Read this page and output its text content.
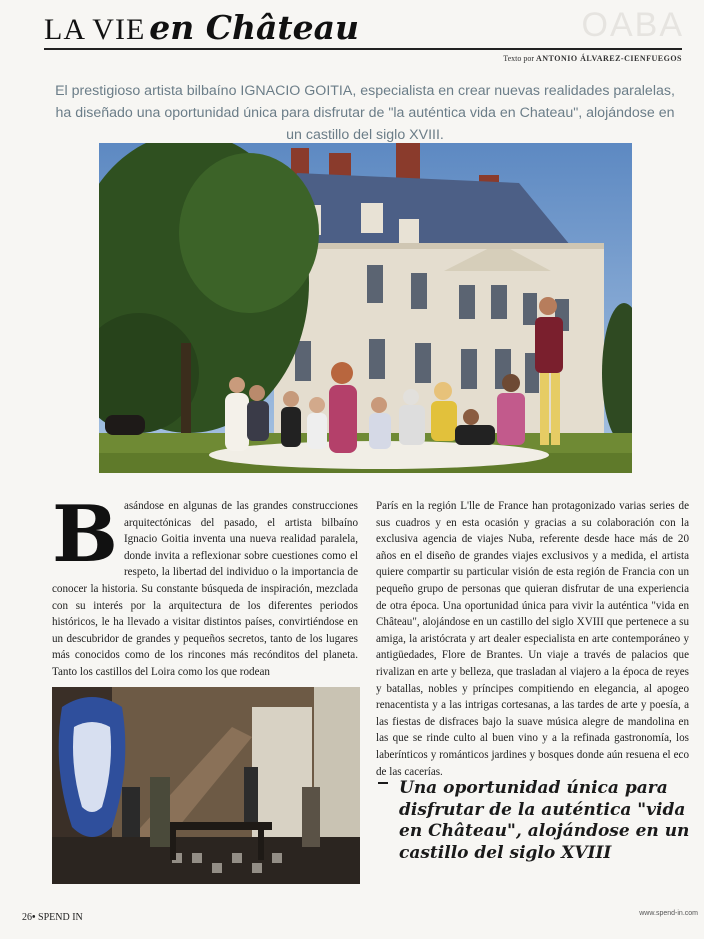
LA VIE en Château	OABA
Texto por ANTONIO ÁLVAREZ-CIENFUEGOS
El prestigioso artista bilbaíno IGNACIO GOITIA, especialista en crear nuevas realidades paralelas, ha diseñado una oportunidad única para disfrutar de "la auténtica vida en Chateau", alojándose en un castillo del siglo XVIII.
B asándose en algunas de las grandes construcciones arquitectónicas del pasado, el artista bilbaíno Ignacio Goitia inventa una nueva realidad paralela, donde invita a reflexionar sobre cuestiones como el respeto, la libertad del individuo o la importancia de conocer la historia. Su constante búsqueda de inspiración, mezclada con su interés por la arquitectura de los diferentes periodos históricos, le ha llevado a visitar distintos países, convirtiéndose en un descubridor de grandes y pequeños secretos, tanto de los lugares más conocidos como de los rincones más recónditos del planeta. Tanto los castillos del Loira como los que rodean
París en la región L'lle de France han protagonizado varias series de sus cuadros y en esta ocasión y gracias a su colaboración con la exclusiva agencia de viajes Nuba, referente desde hace más de 20 años en el diseño de grandes viajes exclusivos y a medida, el artista quiere compartir su particular visión de esta región de Francia con un pequeño grupo de personas que quieran disfrutar de una experiencia de otra época. Una oportunidad única para vivir la auténtica "vida en Château", alojándose en un castillo del siglo XVIII que pertenece a su amiga, la aristócrata y art dealer especialista en arte contemporáneo y antigüedades, Flore de Brantes. Un viaje a través de palacios que rivalizan en arte y belleza, que trasladan al viajero a la época de reyes y batallas, nobles y príncipes compitiendo en elegancia, al apogeo renacentista y a las intrigas cortesanas, a las tardes de arte y poesía, a las fiestas de disfraces bajo la suave música alegre de mandolina en las que se rinde culto al buen vino y a la refinada gastronomía, los laberínticos y románticos jardines y bosques donde aún resuena el eco de las cacerías.
Una oportunidad única para disfrutar de la auténtica "vida en Château", alojándose en un castillo del siglo XVIII
26• SPEND IN	www.spend-in.com
